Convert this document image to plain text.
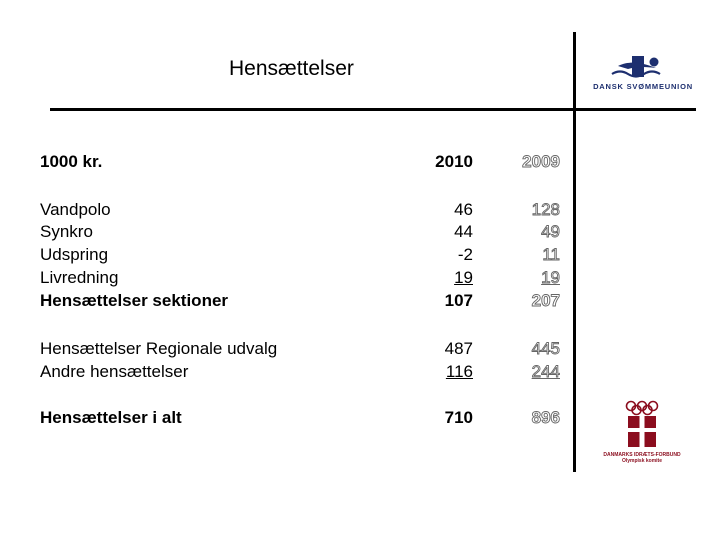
Hensættelser
DANSK SVØMMEUNION
1000 kr.	2010	2009
Vandpolo	46	128
Synkro	44	49
Udspring	-2	11
Livredning	19	19
Hensættelser sektioner	107	207
Hensættelser Regionale udvalg	487	445
Andre hensættelser	116	244
Hensættelser i alt	710	896
DANMARKS IDRÆTS-FORBUND
Olympisk komite
